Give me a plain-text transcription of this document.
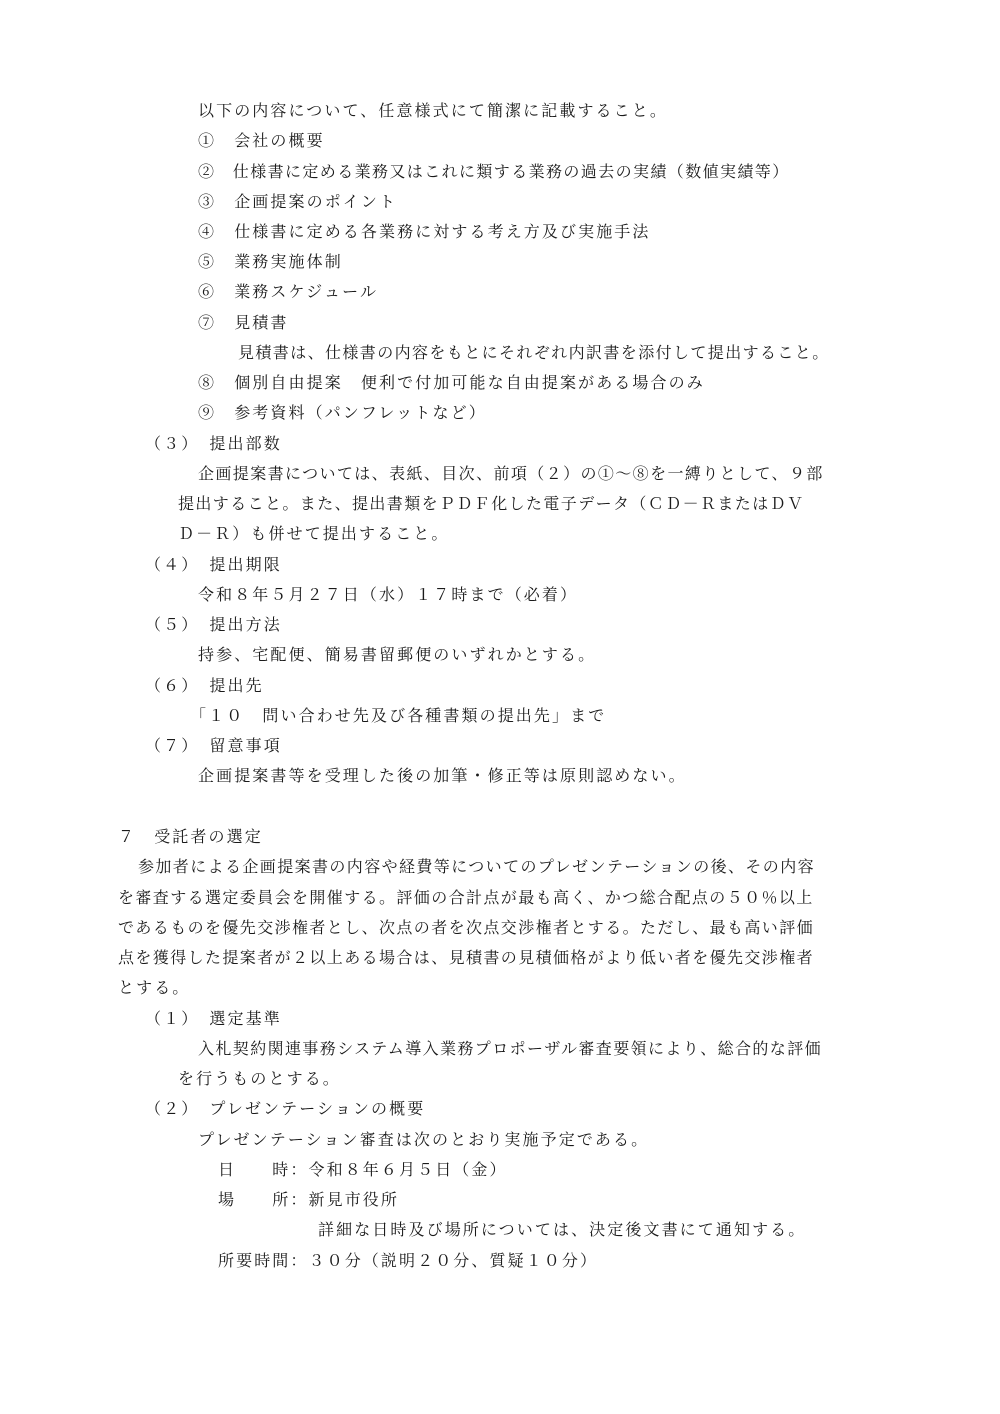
以下の内容について、任意様式にて簡潔に記載すること。
①　会社の概要
②　仕様書に定める業務又はこれに類する業務の過去の実績（数値実績等）
③　企画提案のポイント
④　仕様書に定める各業務に対する考え方及び実施手法
⑤　業務実施体制
⑥　業務スケジュール
⑦　見積書
見積書は、仕様書の内容をもとにそれぞれ内訳書を添付して提出すること。
⑧　個別自由提案　便利で付加可能な自由提案がある場合のみ
⑨　参考資料（パンフレットなど）
（３）　提出部数
企画提案書については、表紙、目次、前項（２）の①～⑧を一縛りとして、９部
提出すること。また、提出書類をＰＤＦ化した電子データ（ＣＤ－ＲまたはＤＶ
Ｄ－Ｒ）も併せて提出すること。
（４）　提出期限
令和８年５月２７日（水）１７時まで（必着）
（５）　提出方法
持参、宅配便、簡易書留郵便のいずれかとする。
（６）　提出先
「１０　問い合わせ先及び各種書類の提出先」まで
（７）　留意事項
企画提案書等を受理した後の加筆・修正等は原則認めない。
７　受託者の選定
参加者による企画提案書の内容や経費等についてのプレゼンテーションの後、その内容
を審査する選定委員会を開催する。評価の合計点が最も高く、かつ総合配点の５０％以上
であるものを優先交渉権者とし、次点の者を次点交渉権者とする。ただし、最も高い評価
点を獲得した提案者が２以上ある場合は、見積書の見積価格がより低い者を優先交渉権者
とする。
（１）　選定基準
入札契約関連事務システム導入業務プロポーザル審査要領により、総合的な評価
を行うものとする。
（２）　プレゼンテーションの概要
プレゼンテーション審査は次のとおり実施予定である。
日　　時：令和８年６月５日（金）
場　　所：新見市役所
詳細な日時及び場所については、決定後文書にて通知する。
所要時間：３０分（説明２０分、質疑１０分）
